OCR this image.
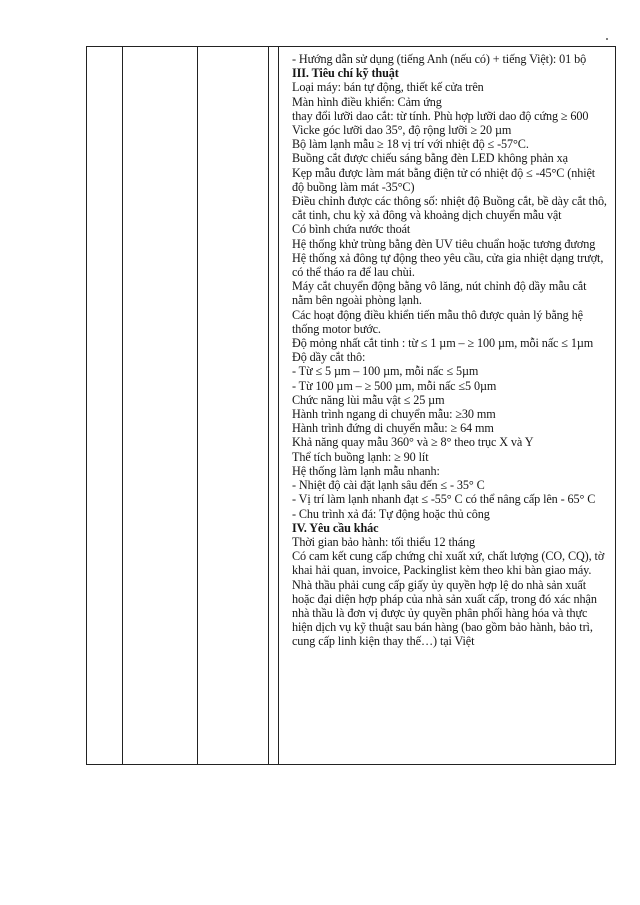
- Hướng dẫn sử dụng (tiếng Anh (nếu có) + tiếng Việt): 01 bộ
III. Tiêu chí kỹ thuật
Loại máy: bán tự động, thiết kế cửa trên
Màn hình điều khiển: Cảm ứng
thay đổi lưỡi dao cắt: từ tính. Phù hợp lưỡi dao độ cứng ≥ 600 Vicke góc lưỡi dao 35°, độ rộng lưỡi ≥ 20 µm
Bộ làm lạnh mẫu ≥ 18 vị trí với nhiệt độ ≤ -57°C.
Buồng cắt được chiếu sáng bằng đèn LED không phản xạ
Kẹp mẫu được làm mát bằng điện tử có nhiệt độ ≤ -45°C (nhiệt độ buồng làm mát -35°C)
Điều chỉnh được các thông số: nhiệt độ Buồng cắt, bề dày cắt thô, cắt tinh, chu kỳ xả đông và khoảng dịch chuyển mẫu vật
Có bình chứa nước thoát
Hệ thống khử trùng bằng đèn UV tiêu chuẩn hoặc tương đương
Hệ thống xả đông tự động theo yêu cầu, cửa gia nhiệt dạng trượt, có thể tháo ra để lau chùi.
Máy cắt chuyển động bằng vô lăng, nút chỉnh độ dầy mẫu cắt nằm bên ngoài phòng lạnh.
Các hoạt động điều khiển tiến mẫu thô được quản lý bằng hệ thống motor bước.
Độ mỏng nhất cắt tinh : từ ≤ 1 µm – ≥ 100 µm, mỗi nấc ≤ 1µm
Độ dầy cắt thô:
- Từ ≤ 5 µm – 100 µm, mỗi nấc ≤ 5µm
- Từ 100 µm – ≥ 500 µm, mỗi nấc ≤5 0µm
Chức năng lùi mẫu vật ≤ 25 µm
Hành trình ngang di chuyển mẫu: ≥30 mm
Hành trình đứng di chuyển mẫu: ≥ 64 mm
Khả năng quay mẫu 360° và ≥ 8° theo trục X và Y
Thể tích buồng lạnh: ≥ 90 lít
Hệ thống làm lạnh mẫu nhanh:
- Nhiệt độ cài đặt lạnh sâu đến ≤ - 35° C
- Vị trí làm lạnh nhanh đạt ≤ -55° C có thể nâng cấp lên - 65° C
- Chu trình xả đá: Tự động hoặc thủ công
IV. Yêu cầu khác
Thời gian bảo hành: tối thiểu 12 tháng
Có cam kết cung cấp chứng chỉ xuất xứ, chất lượng (CO, CQ), tờ khai hải quan, invoice, Packinglist kèm theo khi bàn giao máy.
Nhà thầu phải cung cấp giấy ủy quyền hợp lệ do nhà sản xuất hoặc đại diện hợp pháp của nhà sản xuất cấp, trong đó xác nhận nhà thầu là đơn vị được ủy quyền phân phối hàng hóa và thực hiện dịch vụ kỹ thuật sau bán hàng (bao gồm bảo hành, bảo trì, cung cấp linh kiện thay thế…) tại Việt
